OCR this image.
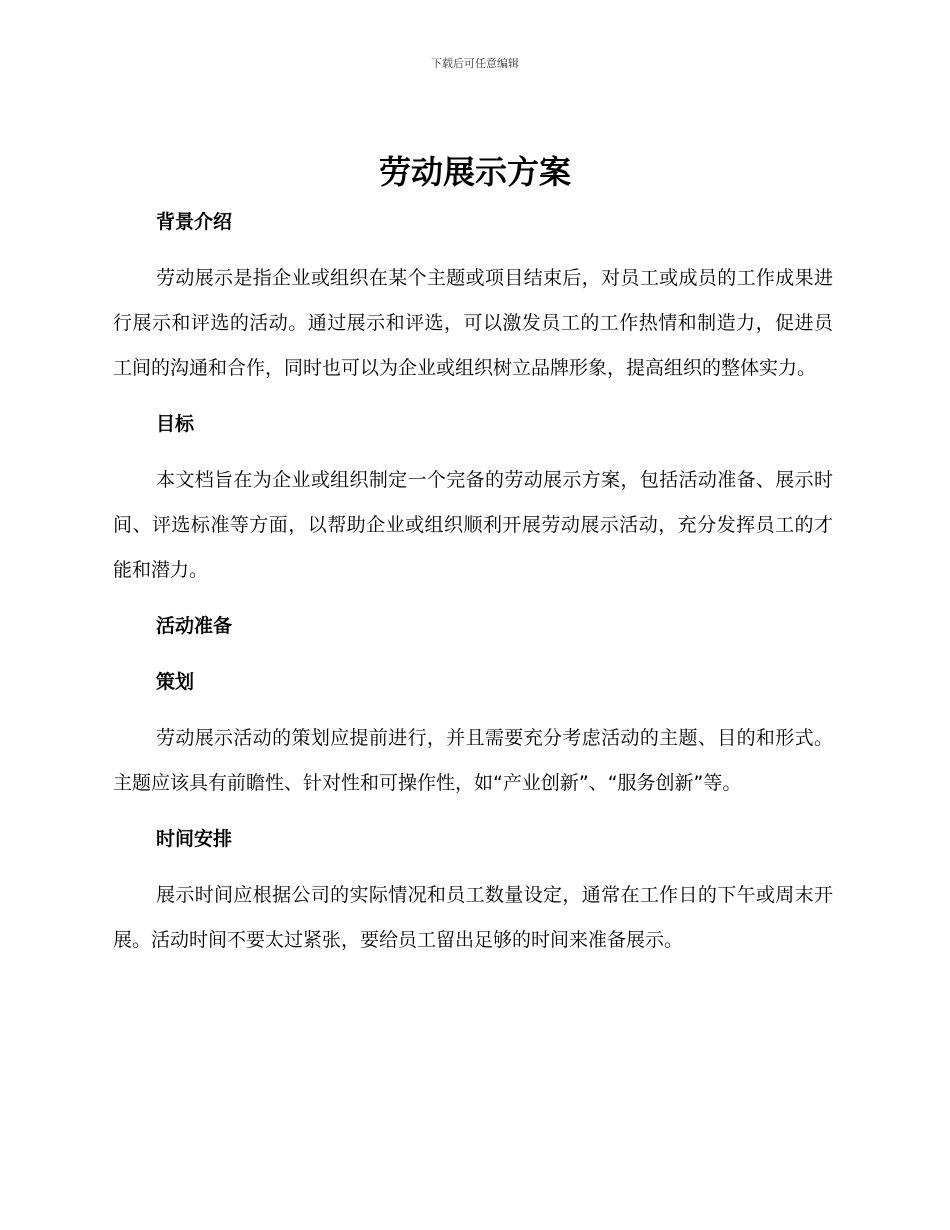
下载后可任意编辑
劳动展示方案

背景介绍

劳动展示是指企业或组织在某个主题或项目结束后，对员工或成员的工作成果进行展示和评选的活动。通过展示和评选，可以激发员工的工作热情和制造力，促进员工间的沟通和合作，同时也可以为企业或组织树立品牌形象，提高组织的整体实力。

目标

本文档旨在为企业或组织制定一个完备的劳动展示方案，包括活动准备、展示时间、评选标准等方面，以帮助企业或组织顺利开展劳动展示活动，充分发挥员工的才能和潜力。

活动准备

策划

劳动展示活动的策划应提前进行，并且需要充分考虑活动的主题、目的和形式。主题应该具有前瞻性、针对性和可操作性，如“产业创新”、“服务创新”等。

时间安排

展示时间应根据公司的实际情况和员工数量设定，通常在工作日的下午或周末开展。活动时间不要太过紧张，要给员工留出足够的时间来准备展示。
